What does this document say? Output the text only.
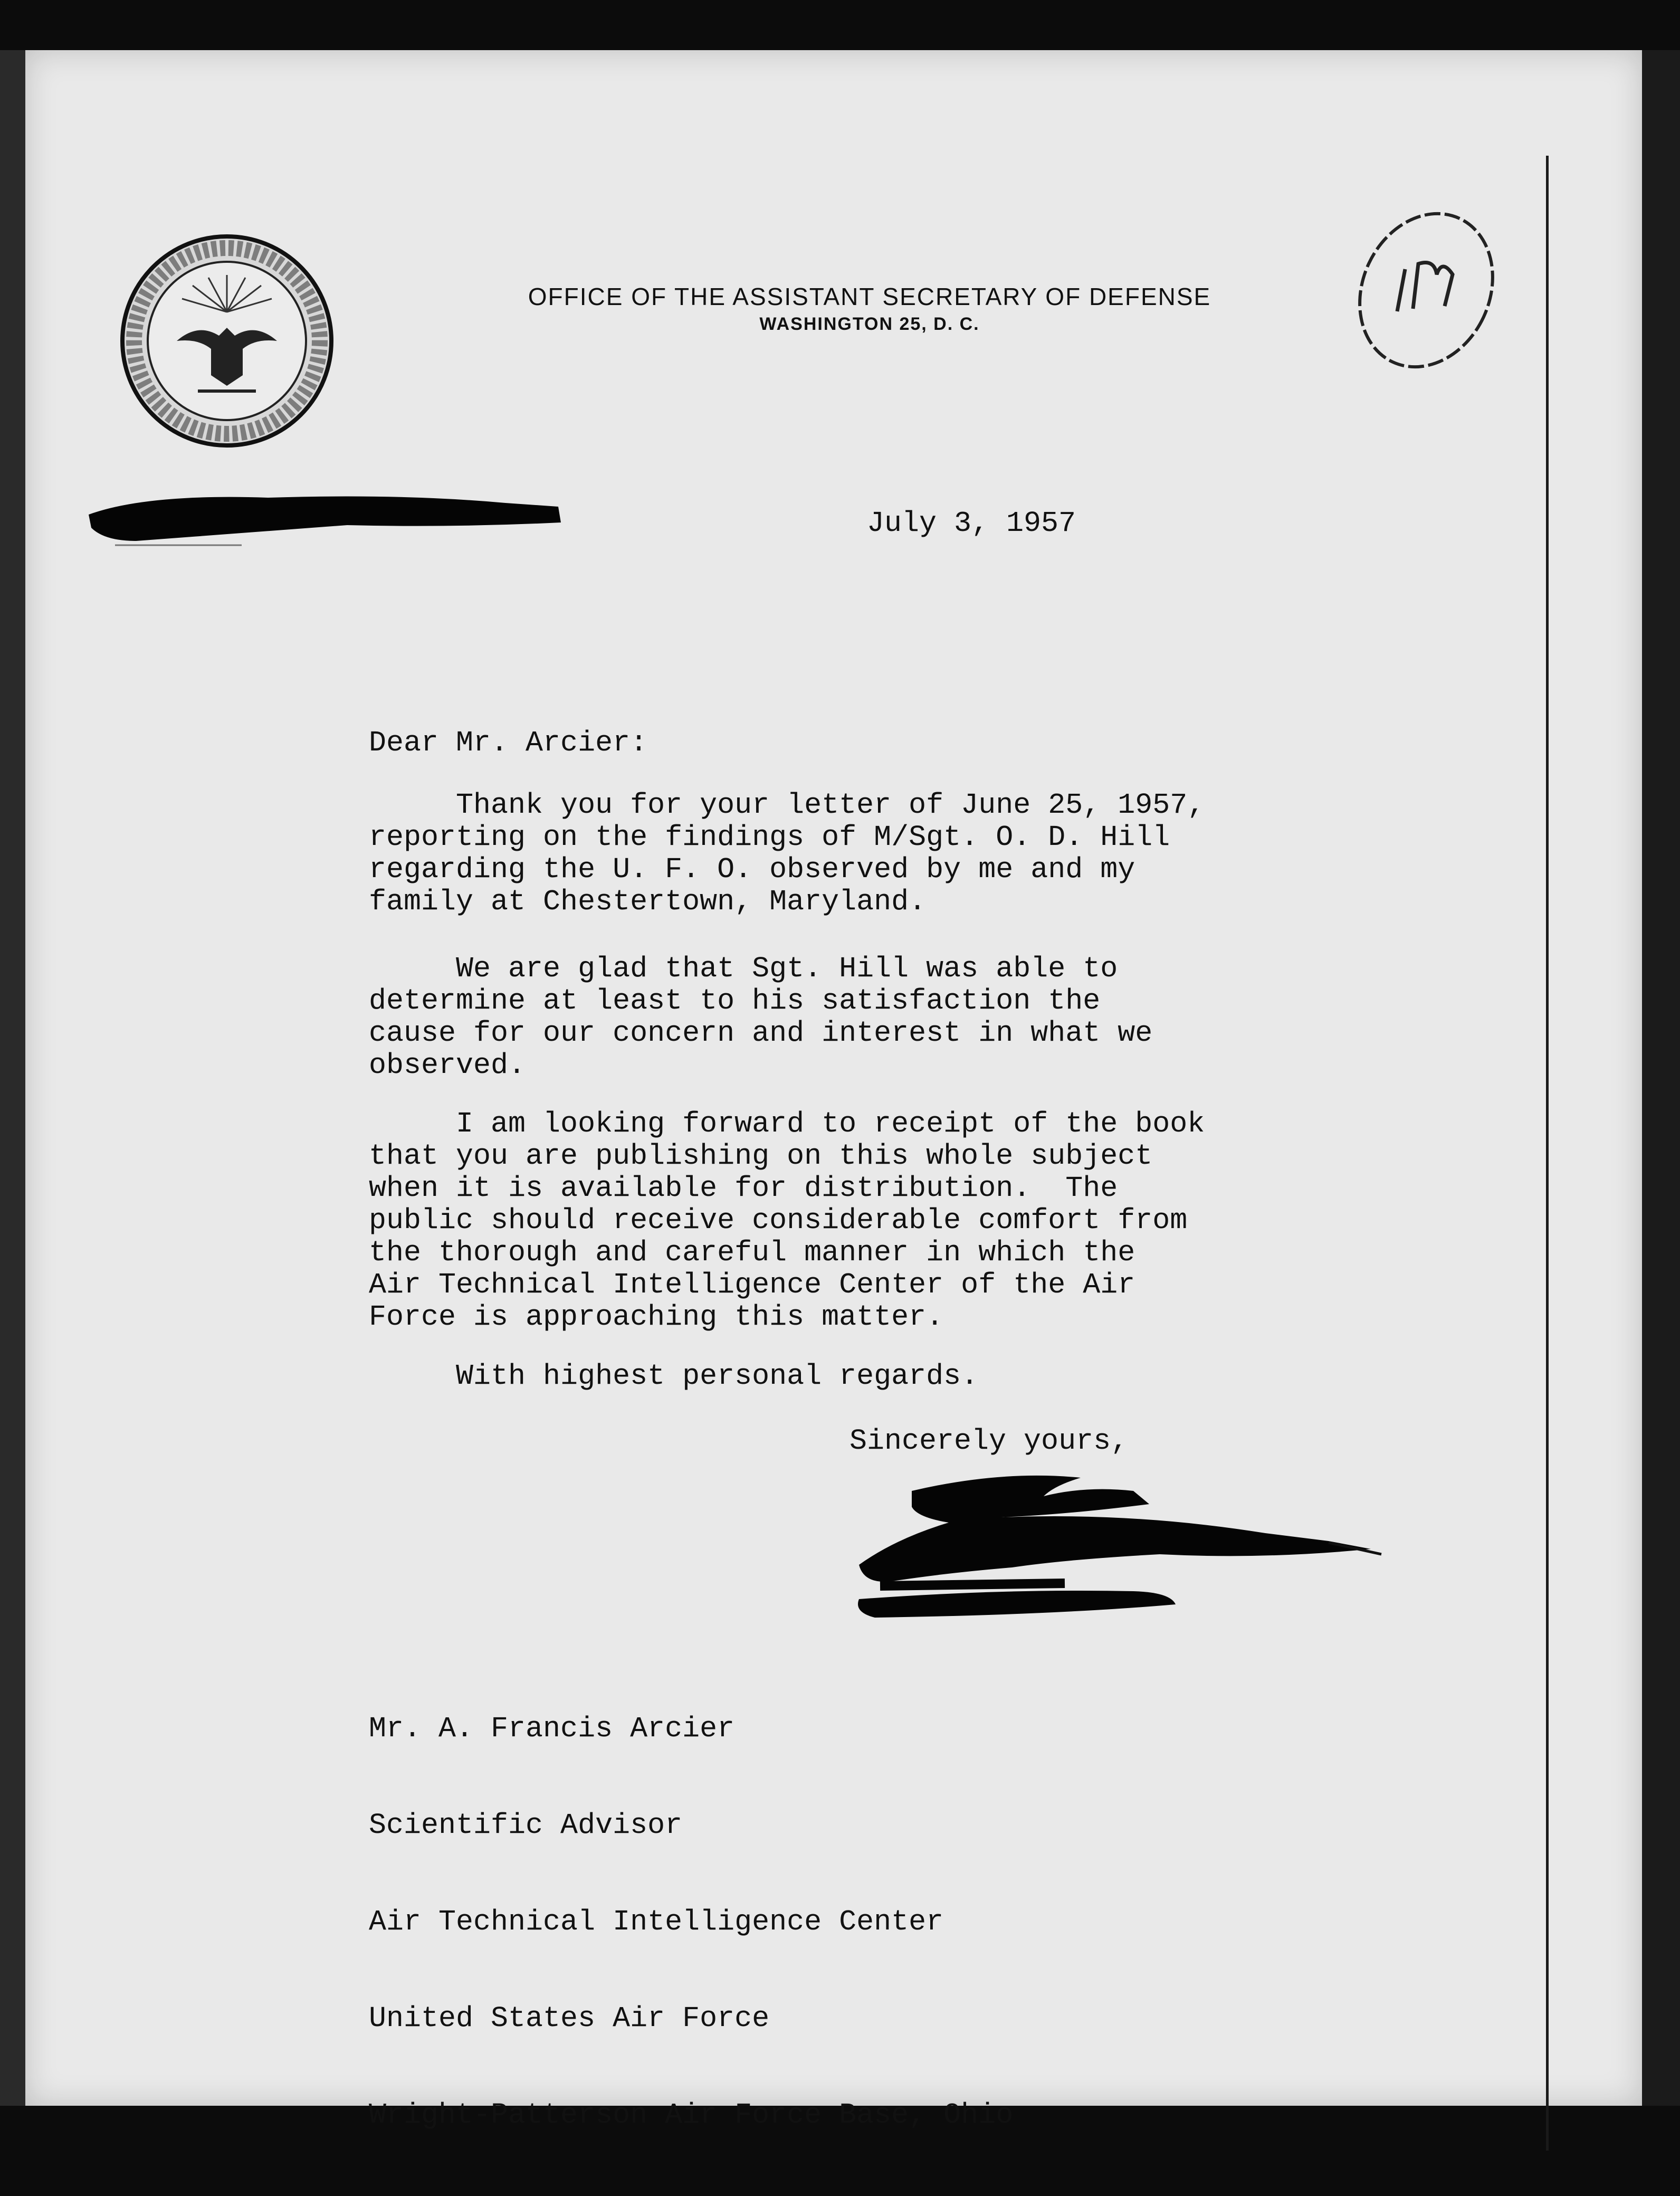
OFFICE OF THE ASSISTANT SECRETARY OF DEFENSE
WASHINGTON 25, D. C.
July 3, 1957
Dear Mr. Arcier:
Thank you for your letter of June 25, 1957,
reporting on the findings of M/Sgt. O. D. Hill
regarding the U. F. O. observed by me and my
family at Chestertown, Maryland.
We are glad that Sgt. Hill was able to
determine at least to his satisfaction the
cause for our concern and interest in what we
observed.
I am looking forward to receipt of the book
that you are publishing on this whole subject
when it is available for distribution.  The
public should receive considerable comfort from
the thorough and careful manner in which the
Air Technical Intelligence Center of the Air
Force is approaching this matter.
With highest personal regards.
Sincerely yours,

Mr. A. Francis Arcier

Scientific Advisor

Air Technical Intelligence Center

United States Air Force

Wright-Patterson Air Force Base, Ohio
